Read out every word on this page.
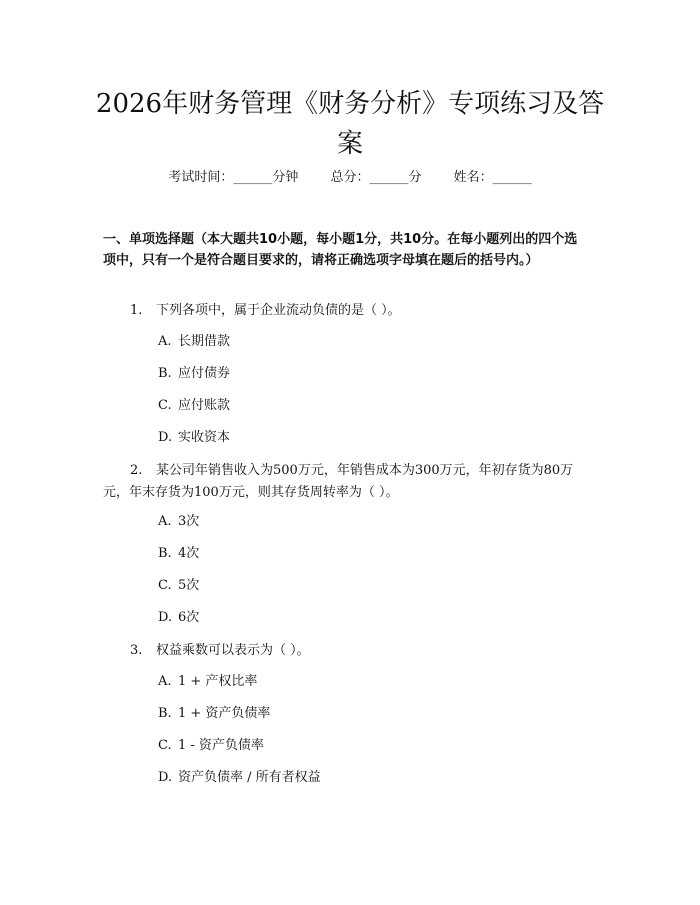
2026年财务管理《财务分析》专项练习及答案
考试时间：______分钟 总分：______分 姓名：______

一、单项选择题（本大题共10小题，每小题1分，共10分。在每小题列出的四个选项中，只有一个是符合题目要求的，请将正确选项字母填在题后的括号内。）

1. 下列各项中，属于企业流动负债的是（ ）。

A. 长期借款

B. 应付债券

C. 应付账款

D. 实收资本

2. 某公司年销售收入为500万元，年销售成本为300万元，年初存货为80万元，年末存货为100万元，则其存货周转率为（ ）。

A. 3次

B. 4次

C. 5次

D. 6次

3. 权益乘数可以表示为（ ）。

A. 1 + 产权比率

B. 1 + 资产负债率

C. 1 - 资产负债率

D. 资产负债率 / 所有者权益
